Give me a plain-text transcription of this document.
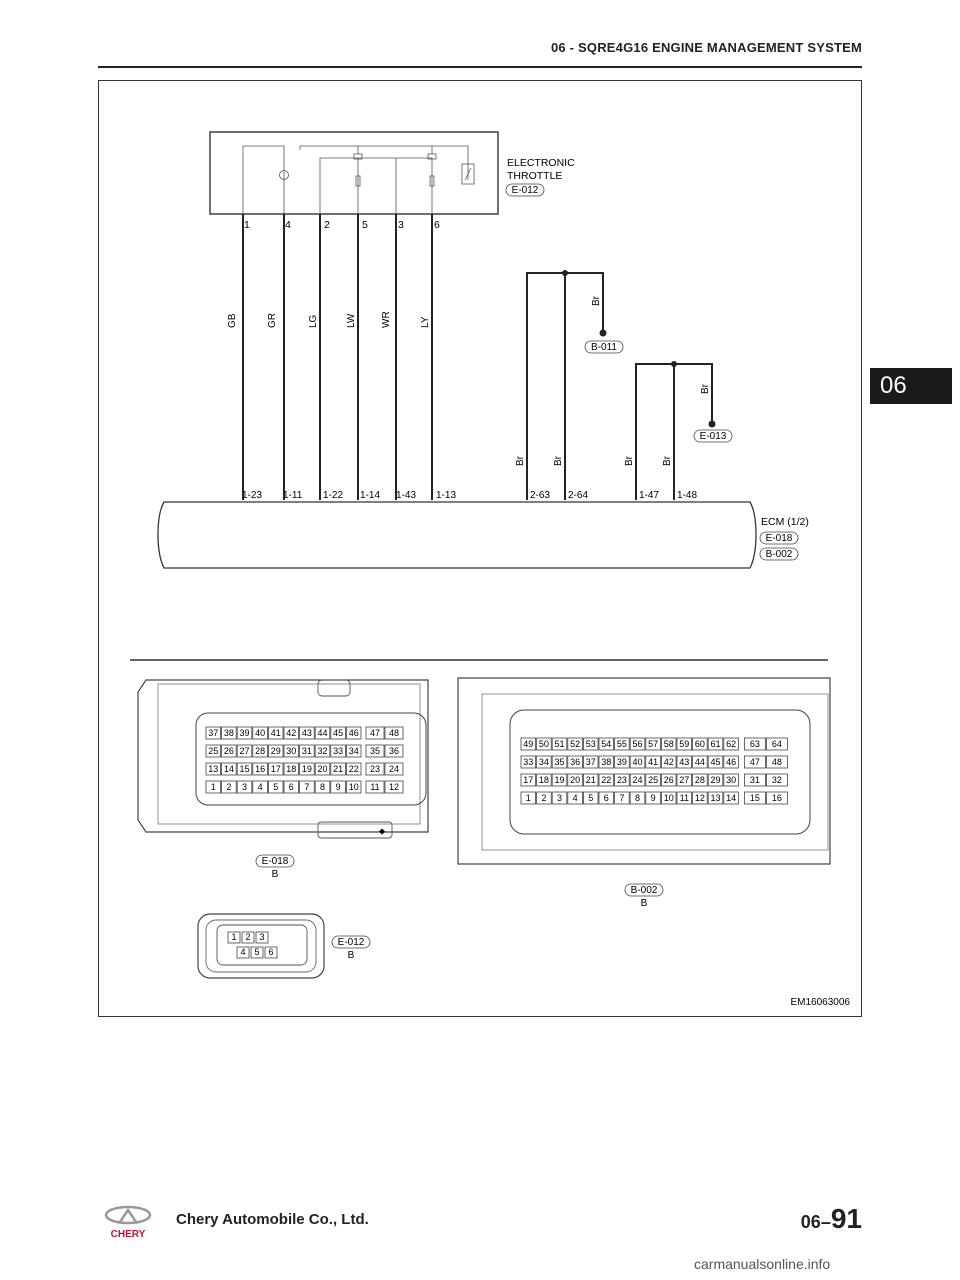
06 - SQRE4G16 ENGINE MANAGEMENT SYSTEM
06
ELECTRONIC
THROTTLE
E-012
1	4	2	5	3	6
GB	GR	LG	LW WR	LY
Br
B-011
Br	Br
Br
E-013
Br	Br
1-23 1-11 1-22 1-14 1-43 1-13	2-63 2-64	1-47 1-48
ECM (1/2)
E-018
B-002
⬥
37 38 39 40 41 42 43 44 45 46 47 48
25 26 27 28 29 30 31 32 33 34 35 36
13 14 15 16 17 18 19 20 21 22 23 24
1 2 3 4 5 6 7 8 9 10 11 12
E-018
B
49 50 51 52 53 54 55 56 57 58 59 60 61 62 63 64
33 34 35 36 37 38 39 40 41 42 43 44 45 46 47 48
17 18 19 20 21 22 23 24 25 26 27 28 29 30 31 32
1 2 3 4 5 6 7 8 9 10 11 12 13 14 15 16
B-002
B
1 2 3
4 5 6
E-012
B
EM16063006
CHERY
Chery Automobile Co., Ltd.	06–91
carmanualsonline.info
